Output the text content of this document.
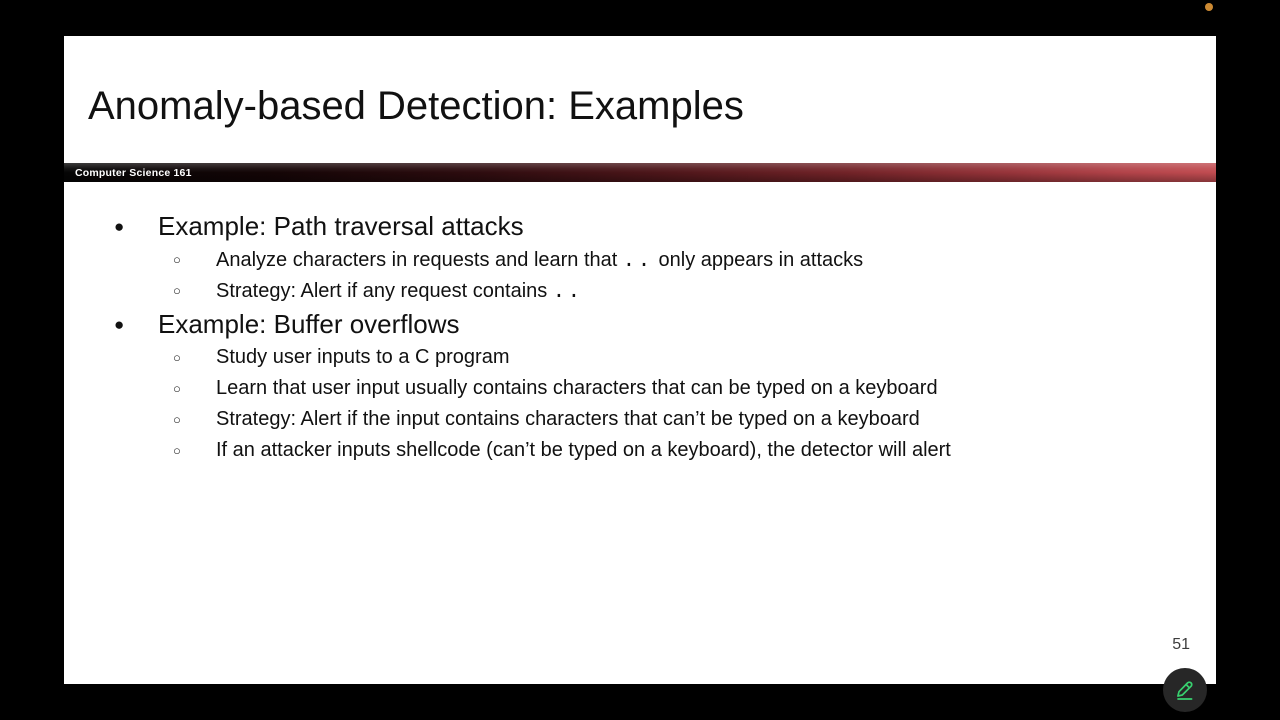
Anomaly-based Detection: Examples
Computer Science 161
●	Example: Path traversal attacks
○	Analyze characters in requests and learn that .. only appears in attacks
○	Strategy: Alert if any request contains ..
●	Example: Buffer overflows
○	Study user inputs to a C program
○	Learn that user input usually contains characters that can be typed on a keyboard
○	Strategy: Alert if the input contains characters that can’t be typed on a keyboard
○	If an attacker inputs shellcode (can’t be typed on a keyboard), the detector will alert
51
